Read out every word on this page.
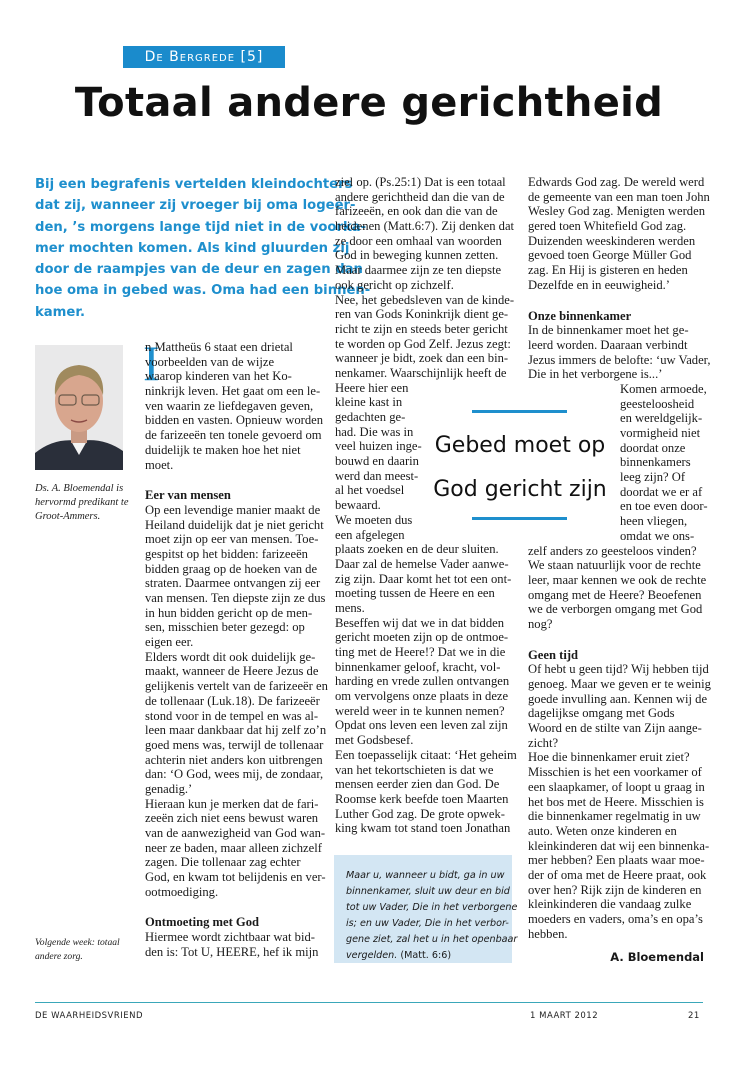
De Bergrede [5]
Totaal andere gerichtheid
Bij een begrafenis vertelden kleindochters
dat zij, wanneer zij vroeger bij oma logeer-
den, ’s morgens lange tijd niet in de voorka-
mer mochten komen. Als kind gluurden zij
door de raampjes van de deur en zagen dan
hoe oma in gebed was. Oma had een binnen-
kamer.
Ds. A. Bloemendal is
hervormd predikant te
Groot-Ammers.
Volgende week: totaal
andere zorg.
I
n Mattheüs 6 staat een drietal
voorbeelden van de wijze
waarop kinderen van het Ko-
ninkrijk leven. Het gaat om een le-
ven waarin ze liefdegaven geven,
bidden en vasten. Opnieuw worden
de farizeeën ten tonele gevoerd om
duidelijk te maken hoe het niet
moet.
Eer van mensen
Op een levendige manier maakt de
Heiland duidelijk dat je niet gericht
moet zijn op eer van mensen. Toe-
gespitst op het bidden: farizeeën
bidden graag op de hoeken van de
straten. Daarmee ontvangen zij eer
van mensen. Ten diepste zijn ze dus
in hun bidden gericht op de men-
sen, misschien beter gezegd: op
eigen eer.
Elders wordt dit ook duidelijk ge-
maakt, wanneer de Heere Jezus de
gelijkenis vertelt van de farizeeër en
de tollenaar (Luk.18). De farizeeër
stond voor in de tempel en was al-
leen maar dankbaar dat hij zelf zo’n
goed mens was, terwijl de tollenaar
achterin niet anders kon uitbrengen
dan: ‘O God, wees mij, de zondaar,
genadig.’
Hieraan kun je merken dat de fari-
zeeën zich niet eens bewust waren
van de aanwezigheid van God wan-
neer ze baden, maar alleen zichzelf
zagen. Die tollenaar zag echter
God, en kwam tot belijdenis en ver-
ootmoediging.
Ontmoeting met God
Hiermee wordt zichtbaar wat bid-
den is: Tot U, HEERE, hef ik mijn
ziel op. (Ps.25:1) Dat is een totaal
andere gerichtheid dan die van de
farizeeën, en ook dan die van de
heidenen (Matt.6:7). Zij denken dat
ze door een omhaal van woorden
God in beweging kunnen zetten.
Maar daarmee zijn ze ten diepste
ook gericht op zichzelf.
Nee, het gebedsleven van de kinde-
ren van Gods Koninkrijk dient ge-
richt te zijn en steeds beter gericht
te worden op God Zelf. Jezus zegt:
wanneer je bidt, zoek dan een bin-
nenkamer. Waarschijnlijk heeft de
Heere hier een
kleine kast in
gedachten ge-
had. Die was in
veel huizen inge-
bouwd en daarin
werd dan meest-
al het voedsel
bewaard.
We moeten dus
een afgelegen
plaats zoeken en de deur sluiten.
Daar zal de hemelse Vader aanwe-
zig zijn. Daar komt het tot een ont-
moeting tussen de Heere en een
mens.
Beseffen wij dat we in dat bidden
gericht moeten zijn op de ontmoe-
ting met de Heere!? Dat we in die
binnenkamer geloof, kracht, vol-
harding en vrede zullen ontvangen
om vervolgens onze plaats in deze
wereld weer in te kunnen nemen?
Opdat ons leven een leven zal zijn
met Godsbesef.
Een toepasselijk citaat: ‘Het geheim
van het tekortschieten is dat we
mensen eerder zien dan God. De
Roomse kerk beefde toen Maarten
Luther God zag. De grote opwek-
king kwam tot stand toen Jonathan
Edwards God zag. De wereld werd
de gemeente van een man toen John
Wesley God zag. Menigten werden
gered toen Whitefield God zag.
Duizenden weeskinderen werden
gevoed toen George Müller God
zag. En Hij is gisteren en heden
Dezelfde en in eeuwigheid.’
Onze binnenkamer
In de binnenkamer moet het ge-
leerd worden. Daaraan verbindt
Jezus immers de belofte: ‘uw Vader,
Die in het verborgene is...’
Komen armoede,
geesteloosheid
en wereldgelijk-
vormigheid niet
doordat onze
binnenkamers
leeg zijn? Of
doordat we er af
en toe even door-
heen vliegen,
omdat we ons-
zelf anders zo geesteloos vinden?
We staan natuurlijk voor de rechte
leer, maar kennen we ook de rechte
omgang met de Heere? Beoefenen
we de verborgen omgang met God
nog?
Geen tijd
Of hebt u geen tijd? Wij hebben tijd
genoeg. Maar we geven er te weinig
goede invulling aan. Kennen wij de
dagelijkse omgang met Gods
Woord en de stilte van Zijn aange-
zicht?
Hoe die binnenkamer eruit ziet?
Misschien is het een voorkamer of
een slaapkamer, of loopt u graag in
het bos met de Heere. Misschien is
die binnenkamer regelmatig in uw
auto. Weten onze kinderen en
kleinkinderen dat wij een binnenka-
mer hebben? Een plaats waar moe-
der of oma met de Heere praat, ook
over hen? Rijk zijn de kinderen en
kleinkinderen die vandaag zulke
moeders en vaders, oma’s en opa’s
hebben.
Gebed moet op
God gericht zijn
Maar u, wanneer u bidt, ga in uw
binnenkamer, sluit uw deur en bid
tot uw Vader, Die in het verborgene
is; en uw Vader, Die in het verbor-
gene ziet, zal het u in het openbaar
vergelden. (Matt. 6:6)	A. Bloemendal
DE WAARHEIDSVRIEND	1 MAART 2012	21
